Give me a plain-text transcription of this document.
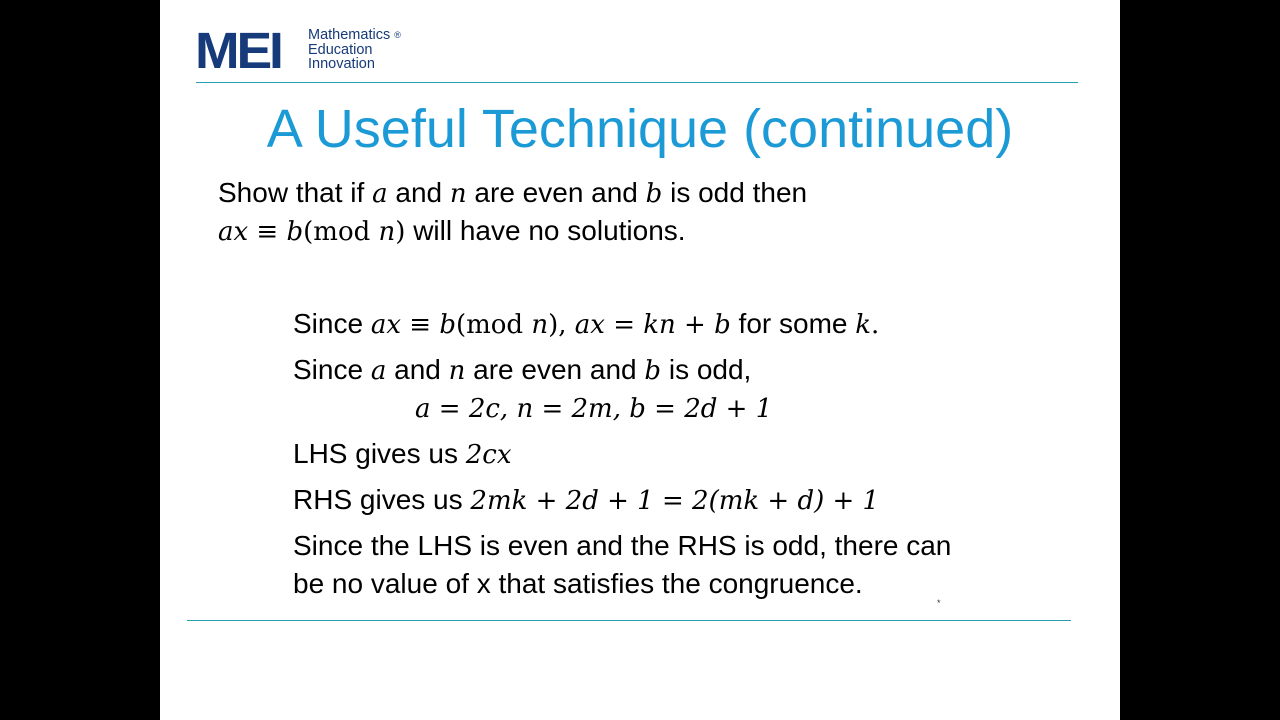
MEI Mathematics ®
Education
Innovation
A Useful Technique (continued)
Show that if a and n are even and b is odd then
ax ≡ b(mod n) will have no solutions.
Since ax ≡ b(mod n), ax = kn + b for some k.
Since a and n are even and b is odd,
a = 2c, n = 2m, b = 2d + 1
LHS gives us 2cx
RHS gives us 2mk + 2d + 1 = 2(mk + d) + 1
Since the LHS is even and the RHS is odd, there can
be no value of x that satisfies the congruence.
*
